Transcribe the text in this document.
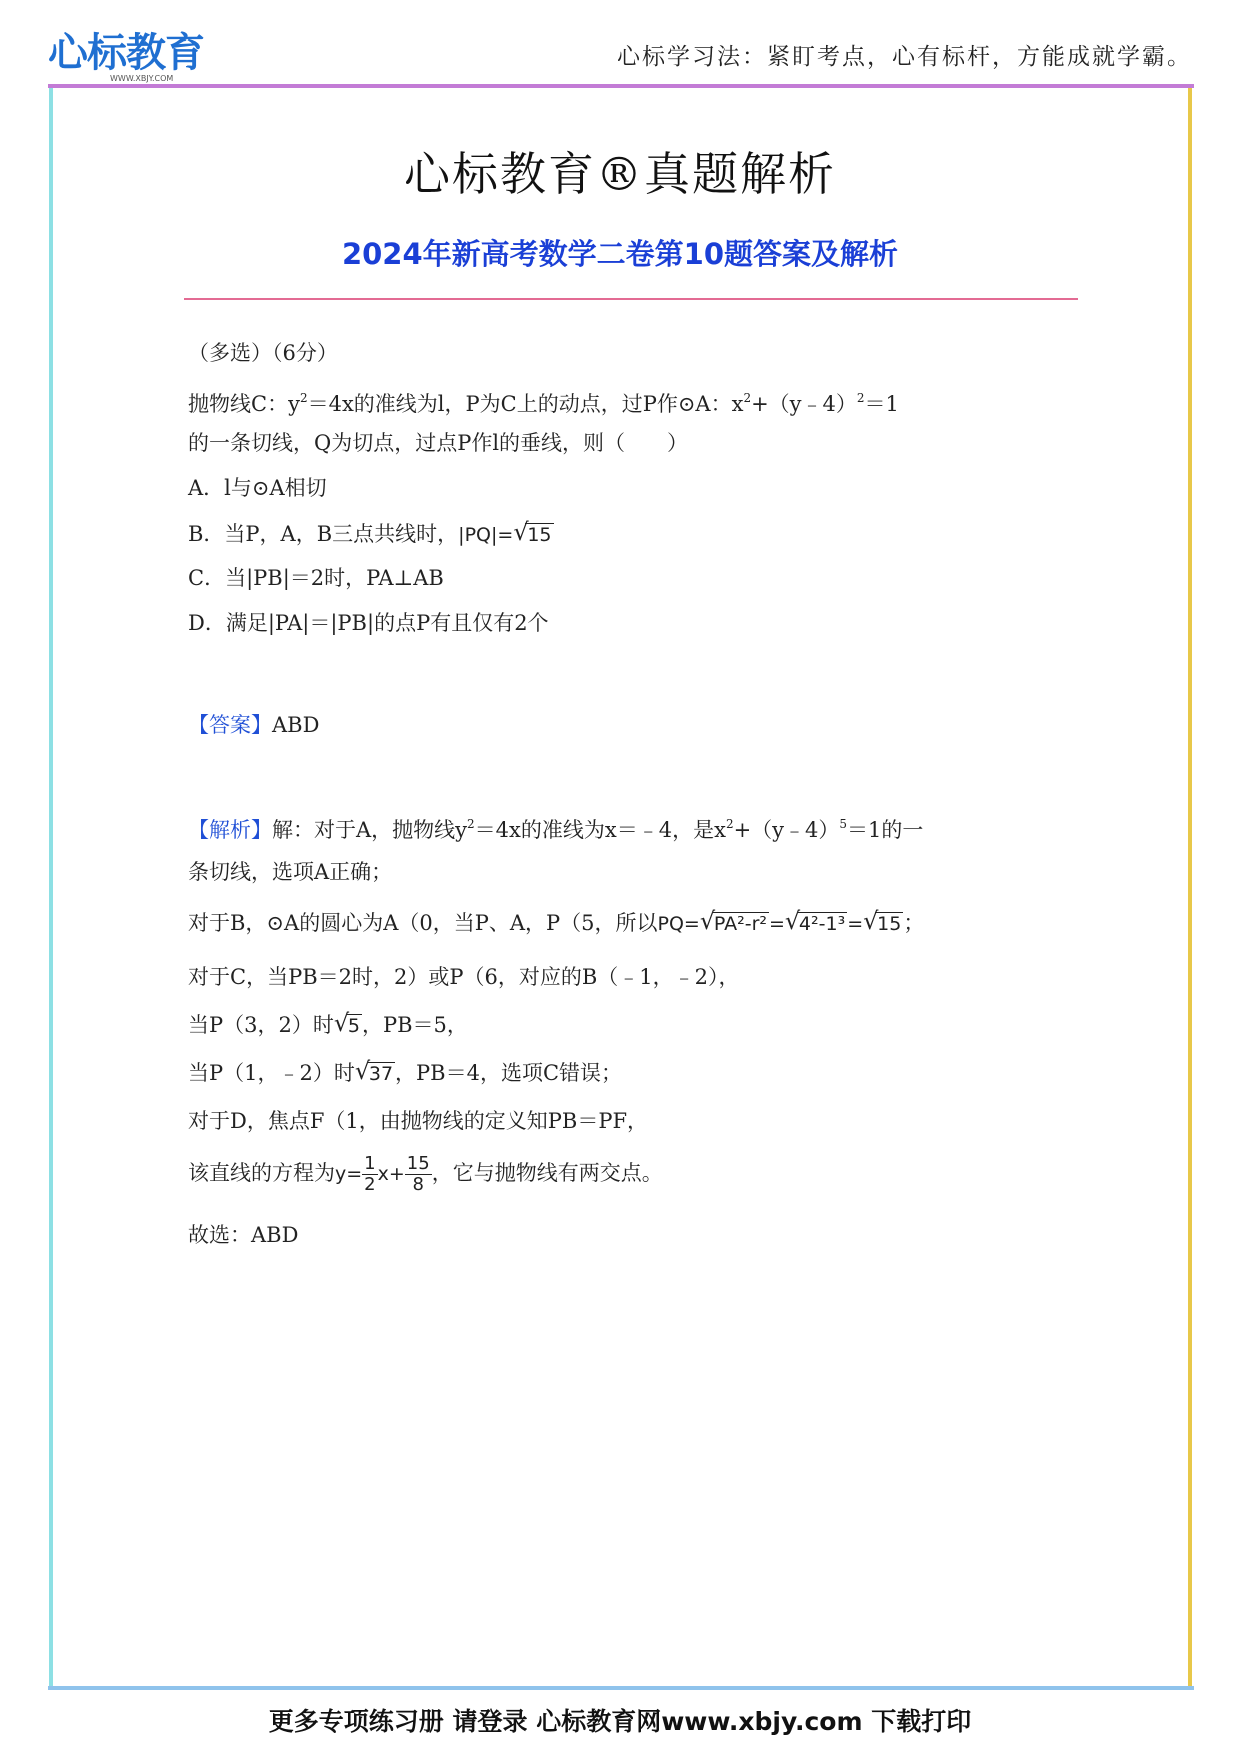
心标教育
WWW.XBJY.COM
心标学习法：紧盯考点，心有标杆，方能成就学霸。
心标教育®真题解析
2024年新高考数学二卷第10题答案及解析
（多选）（6分）
抛物线C：$y^2=4x$的准线为l，P为C上的动点，过P作⊙A：$x^2+(y﹣4)^2=1$
的一条切线，Q为切点，过点P作l的垂线，则（　　）
A．l与⊙A相切
B．当P，A，B三点共线时，|PQ|= √ 15
C．当|PB|＝2时，PA⊥AB
D．满足|PA|＝|PB|的点P有且仅有2个
【答案】ABD
【解析】解：对于A，抛物线$y^2=4x$的准线为x＝﹣4，是$x^2+(y﹣4)^5=1$的一
条切线，选项A正确；
对于B，⊙A的圆心为A（0，当P、A，P（5，所以PQ= √ PA²-r² = √ 4²-1³ = √ 15；
对于C，当PB＝2时，2）或P（6，对应的B（﹣1，﹣2），
当P（3，2）时 √ 5，PB＝5，
当P（1，﹣2）时 √ 37，PB＝4，选项C错误；
对于D，焦点F（1，由抛物线的定义知PB＝PF，
该直线的方程为$y= \frac{1}{2} x+ \frac{15}{8}$ ，它与抛物线有两交点。
故选：ABD
更多专项练习册 请登录 心标教育网www.xbjy.com 下载打印
